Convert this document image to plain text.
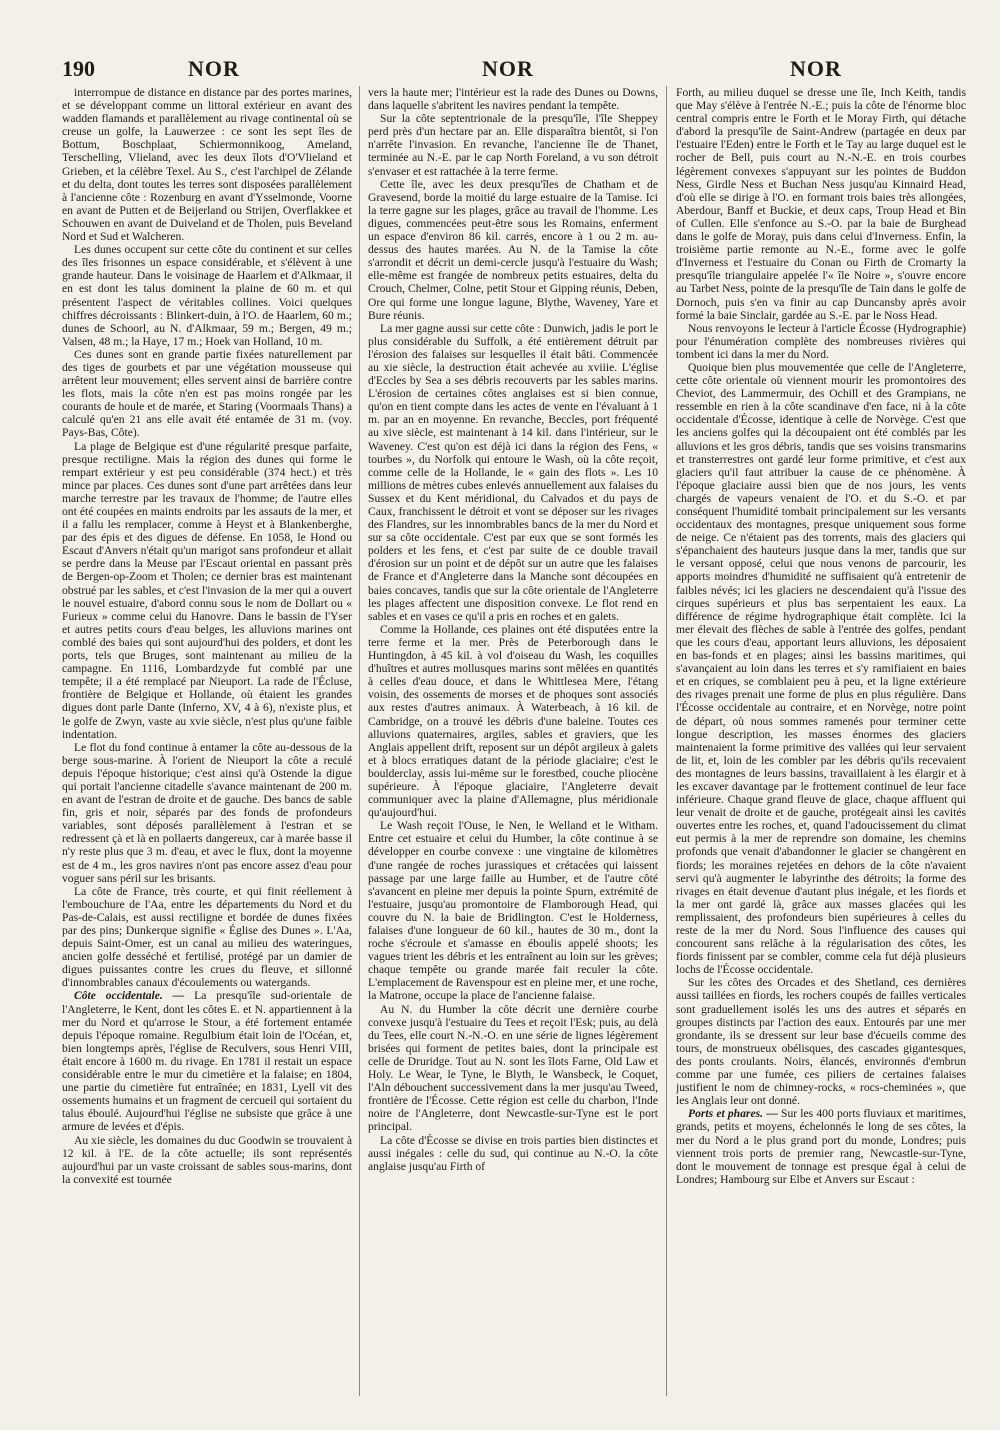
190	NOR	NOR	NOR

interrompue de distance en distance par des portes marines, et se développant comme un littoral extérieur en avant des wadden flamands et parallèlement au rivage continental où se creuse un golfe, la Lauwerzee : ce sont les sept îles de Bottum, Boschplaat, Schiermonnikoog, Ameland, Terschelling, Vlieland, avec les deux îlots d'O'Vlieland et Grieben, et la célèbre Texel. Au S., c'est l'archipel de Zélande et du delta, dont toutes les terres sont disposées parallèlement à l'ancienne côte : Rozenburg en avant d'Ysselmonde, Voorne en avant de Putten et de Beijerland ou Strijen, Overflakkee et Schouwen en avant de Duiveland et de Tholen, puis Beveland Nord et Sud et Walcheren.

Les dunes occupent sur cette côte du continent et sur celles des îles frisonnes un espace considérable, et s'élèvent à une grande hauteur. Dans le voisinage de Haarlem et d'Alkmaar, il en est dont les talus dominent la plaine de 60 m. et qui présentent l'aspect de véritables collines. Voici quelques chiffres décroissants : Blinkert-duin, à l'O. de Haarlem, 60 m.; dunes de Schoorl, au N. d'Alkmaar, 59 m.; Bergen, 49 m.; Valsen, 48 m.; la Haye, 17 m.; Hoek van Holland, 10 m.

Ces dunes sont en grande partie fixées naturellement par des tiges de gourbets et par une végétation mousseuse qui arrêtent leur mouvement; elles servent ainsi de barrière contre les flots, mais la côte n'en est pas moins rongée par les courants de houle et de marée, et Staring (Voormaals Thans) a calculé qu'en 21 ans elle avait été entamée de 31 m. (voy. Pays-Bas, Côte).

La plage de Belgique est d'une régularité presque parfaite, presque rectiligne. Mais la région des dunes qui forme le rempart extérieur y est peu considérable (374 hect.) et très mince par places. Ces dunes sont d'une part arrêtées dans leur marche terrestre par les travaux de l'homme; de l'autre elles ont été coupées en maints endroits par les assauts de la mer, et il a fallu les remplacer, comme à Heyst et à Blankenberghe, par des épis et des digues de défense. En 1058, le Hond ou Escaut d'Anvers n'était qu'un marigot sans profondeur et allait se perdre dans la Meuse par l'Escaut oriental en passant près de Bergen-op-Zoom et Tholen; ce dernier bras est maintenant obstrué par les sables, et c'est l'invasion de la mer qui a ouvert le nouvel estuaire, d'abord connu sous le nom de Dollart ou « Furieux » comme celui du Hanovre. Dans le bassin de l'Yser et autres petits cours d'eau belges, les alluvions marines ont comblé des baies qui sont aujourd'hui des polders, et dont les ports, tels que Bruges, sont maintenant au milieu de la campagne. En 1116, Lombardzyde fut comblé par une tempête; il a été remplacé par Nieuport. La rade de l'Écluse, frontière de Belgique et Hollande, où étaient les grandes digues dont parle Dante (Inferno, XV, 4 à 6), n'existe plus, et le golfe de Zwyn, vaste au xvie siècle, n'est plus qu'une faible indentation.

Le flot du fond continue à entamer la côte au-dessous de la berge sous-marine. À l'orient de Nieuport la côte a reculé depuis l'époque historique; c'est ainsi qu'à Ostende la digue qui portait l'ancienne citadelle s'avance maintenant de 200 m. en avant de l'estran de droite et de gauche. Des bancs de sable fin, gris et noir, séparés par des fonds de profondeurs variables, sont déposés parallèlement à l'estran et se redressent çà et là en pollaerts dangereux, car à marée basse il n'y reste plus que 3 m. d'eau, et avec le flux, dont la moyenne est de 4 m., les gros navires n'ont pas encore assez d'eau pour voguer sans péril sur les brisants.

La côte de France, très courte, et qui finit réellement à l'embouchure de l'Aa, entre les départements du Nord et du Pas-de-Calais, est aussi rectiligne et bordée de dunes fixées par des pins; Dunkerque signifie « Église des Dunes ». L'Aa, depuis Saint-Omer, est un canal au milieu des wateringues, ancien golfe desséché et fertilisé, protégé par un damier de digues puissantes contre les crues du fleuve, et sillonné d'innombrables canaux d'écoulements ou watergands.

Côte occidentale. — La presqu'île sud-orientale de l'Angleterre, le Kent, dont les côtes E. et N. appartiennent à la mer du Nord et qu'arrose le Stour, a été fortement entamée depuis l'époque romaine. Regulbium était loin de l'Océan, et, bien longtemps après, l'église de Reculvers, sous Henri VIII, était encore à 1600 m. du rivage. En 1781 il restait un espace considérable entre le mur du cimetière et la falaise; en 1804, une partie du cimetière fut entraînée; en 1831, Lyell vit des ossements humains et un fragment de cercueil qui sortaient du talus éboulé. Aujourd'hui l'église ne subsiste que grâce à une armure de levées et d'épis.

Au xie siècle, les domaines du duc Goodwin se trouvaient à 12 kil. à l'E. de la côte actuelle; ils sont représentés aujourd'hui par un vaste croissant de sables sous-marins, dont la convexité est tournée

vers la haute mer; l'intérieur est la rade des Dunes ou Downs, dans laquelle s'abritent les navires pendant la tempête.

Sur la côte septentrionale de la presqu'île, l'île Sheppey perd près d'un hectare par an. Elle disparaîtra bientôt, si l'on n'arrête l'invasion. En revanche, l'ancienne île de Thanet, terminée au N.-E. par le cap North Foreland, a vu son détroit s'envaser et est rattachée à la terre ferme.

Cette île, avec les deux presqu'îles de Chatham et de Gravesend, borde la moitié du large estuaire de la Tamise. Ici la terre gagne sur les plages, grâce au travail de l'homme. Les digues, commencées peut-être sous les Romains, enferment un espace d'environ 86 kil. carrés, encore à 1 ou 2 m. au-dessus des hautes marées. Au N. de la Tamise la côte s'arrondit et décrit un demi-cercle jusqu'à l'estuaire du Wash; elle-même est frangée de nombreux petits estuaires, delta du Crouch, Chelmer, Colne, petit Stour et Gipping réunis, Deben, Ore qui forme une longue lagune, Blythe, Waveney, Yare et Bure réunis.

La mer gagne aussi sur cette côte : Dunwich, jadis le port le plus considérable du Suffolk, a été entièrement détruit par l'érosion des falaises sur lesquelles il était bâti. Commencée au xie siècle, la destruction était achevée au xviiie. L'église d'Eccles by Sea a ses débris recouverts par les sables marins. L'érosion de certaines côtes anglaises est si bien connue, qu'on en tient compte dans les actes de vente en l'évaluant à 1 m. par an en moyenne. En revanche, Beccles, port fréquenté au xive siècle, est maintenant à 14 kil. dans l'intérieur, sur le Waveney. C'est qu'on est déjà ici dans la région des Fens, « tourbes », du Norfolk qui entoure le Wash, où la côte reçoit, comme celle de la Hollande, le « gain des flots ». Les 10 millions de mètres cubes enlevés annuellement aux falaises du Sussex et du Kent méridional, du Calvados et du pays de Caux, franchissent le détroit et vont se déposer sur les rivages des Flandres, sur les innombrables bancs de la mer du Nord et sur sa côte occidentale. C'est par eux que se sont formés les polders et les fens, et c'est par suite de ce double travail d'érosion sur un point et de dépôt sur un autre que les falaises de France et d'Angleterre dans la Manche sont découpées en baies concaves, tandis que sur la côte orientale de l'Angleterre les plages affectent une disposition convexe. Le flot rend en sables et en vases ce qu'il a pris en roches et en galets.

Comme la Hollande, ces plaines ont été disputées entre la terre ferme et la mer. Près de Peterborough dans le Huntingdon, à 45 kil. à vol d'oiseau du Wash, les coquilles d'huîtres et autres mollusques marins sont mêlées en quantités à celles d'eau douce, et dans le Whittlesea Mere, l'étang voisin, des ossements de morses et de phoques sont associés aux restes d'autres animaux. À Waterbeach, à 16 kil. de Cambridge, on a trouvé les débris d'une baleine. Toutes ces alluvions quaternaires, argiles, sables et graviers, que les Anglais appellent drift, reposent sur un dépôt argileux à galets et à blocs erratiques datant de la période glaciaire; c'est le boulderclay, assis lui-même sur le forestbed, couche pliocène supérieure. À l'époque glaciaire, l'Angleterre devait communiquer avec la plaine d'Allemagne, plus méridionale qu'aujourd'hui.

Le Wash reçoit l'Ouse, le Nen, le Welland et le Witham. Entre cet estuaire et celui du Humber, la côte continue à se développer en courbe convexe : une vingtaine de kilomètres d'une rangée de roches jurassiques et crétacées qui laissent passage par une large faille au Humber, et de l'autre côté s'avancent en pleine mer depuis la pointe Spurn, extrémité de l'estuaire, jusqu'au promontoire de Flamborough Head, qui couvre du N. la baie de Bridlington. C'est le Holderness, falaises d'une longueur de 60 kil., hautes de 30 m., dont la roche s'écroule et s'amasse en éboulis appelé shoots; les vagues trient les débris et les entraînent au loin sur les grèves; chaque tempête ou grande marée fait reculer la côte. L'emplacement de Ravenspour est en pleine mer, et une roche, la Matrone, occupe la place de l'ancienne falaise.

Au N. du Humber la côte décrit une dernière courbe convexe jusqu'à l'estuaire du Tees et reçoit l'Esk; puis, au delà du Tees, elle court N.-N.-O. en une série de lignes légèrement brisées qui forment de petites baies, dont la principale est celle de Druridge. Tout au N. sont les îlots Farne, Old Law et Holy. Le Wear, le Tyne, le Blyth, le Wansbeck, le Coquet, l'Aln débouchent successivement dans la mer jusqu'au Tweed, frontière de l'Écosse. Cette région est celle du charbon, l'Inde noire de l'Angleterre, dont Newcastle-sur-Tyne est le port principal.

La côte d'Écosse se divise en trois parties bien distinctes et aussi inégales : celle du sud, qui continue au N.-O. la côte anglaise jusqu'au Firth of

Forth, au milieu duquel se dresse une île, Inch Keith, tandis que May s'élève à l'entrée N.-E.; puis la côte de l'énorme bloc central compris entre le Forth et le Moray Firth, qui détache d'abord la presqu'île de Saint-Andrew (partagée en deux par l'estuaire l'Eden) entre le Forth et le Tay au large duquel est le rocher de Bell, puis court au N.-N.-E. en trois courbes légèrement convexes s'appuyant sur les pointes de Buddon Ness, Girdle Ness et Buchan Ness jusqu'au Kinnaird Head, d'où elle se dirige à l'O. en formant trois baies très allongées, Aberdour, Banff et Buckie, et deux caps, Troup Head et Bin of Cullen. Elle s'enfonce au S.-O. par la baie de Burghead dans le golfe de Moray, puis dans celui d'Inverness. Enfin, la troisième partie remonte au N.-E., forme avec le golfe d'Inverness et l'estuaire du Conan ou Firth de Cromarty la presqu'île triangulaire appelée l'« île Noire », s'ouvre encore au Tarbet Ness, pointe de la presqu'île de Tain dans le golfe de Dornoch, puis s'en va finir au cap Duncansby après avoir formé la baie Sinclair, gardée au S.-E. par le Noss Head.

Nous renvoyons le lecteur à l'article Écosse (Hydrographie) pour l'énumération complète des nombreuses rivières qui tombent ici dans la mer du Nord.

Quoique bien plus mouvementée que celle de l'Angleterre, cette côte orientale où viennent mourir les promontoires des Cheviot, des Lammermuir, des Ochill et des Grampians, ne ressemble en rien à la côte scandinave d'en face, ni à la côte occidentale d'Écosse, identique à celle de Norvège. C'est que les anciens golfes qui la découpaient ont été comblés par les alluvions et les gros débris, tandis que ses voisins transmarins et transterrestres ont gardé leur forme primitive, et c'est aux glaciers qu'il faut attribuer la cause de ce phénomène. À l'époque glaciaire aussi bien que de nos jours, les vents chargés de vapeurs venaient de l'O. et du S.-O. et par conséquent l'humidité tombait principalement sur les versants occidentaux des montagnes, presque uniquement sous forme de neige. Ce n'étaient pas des torrents, mais des glaciers qui s'épanchaient des hauteurs jusque dans la mer, tandis que sur le versant opposé, celui que nous venons de parcourir, les apports moindres d'humidité ne suffisaient qu'à entretenir de faibles névés; ici les glaciers ne descendaient qu'à l'issue des cirques supérieurs et plus bas serpentaient les eaux. La différence de régime hydrographique était complète. Ici la mer élevait des flèches de sable à l'entrée des golfes, pendant que les cours d'eau, apportant leurs alluvions, les déposaient en bas-fonds et en plages; ainsi les bassins maritimes, qui s'avançaient au loin dans les terres et s'y ramifiaient en baies et en criques, se comblaient peu à peu, et la ligne extérieure des rivages prenait une forme de plus en plus régulière. Dans l'Écosse occidentale au contraire, et en Norvège, notre point de départ, où nous sommes ramenés pour terminer cette longue description, les masses énormes des glaciers maintenaient la forme primitive des vallées qui leur servaient de lit, et, loin de les combler par les débris qu'ils recevaient des montagnes de leurs bassins, travaillaient à les élargir et à les excaver davantage par le frottement continuel de leur face inférieure. Chaque grand fleuve de glace, chaque affluent qui leur venait de droite et de gauche, protégeait ainsi les cavités ouvertes entre les roches, et, quand l'adoucissement du climat eut permis à la mer de reprendre son domaine, les chemins profonds que venait d'abandonner le glacier se changèrent en fiords; les moraines rejetées en dehors de la côte n'avaient servi qu'à augmenter le labyrinthe des détroits; la forme des rivages en était devenue d'autant plus inégale, et les fiords et la mer ont gardé là, grâce aux masses glacées qui les remplissaient, des profondeurs bien supérieures à celles du reste de la mer du Nord. Sous l'influence des causes qui concourent sans relâche à la régularisation des côtes, les fiords finissent par se combler, comme cela fut déjà plusieurs lochs de l'Écosse occidentale.

Sur les côtes des Orcades et des Shetland, ces dernières aussi taillées en fiords, les rochers coupés de failles verticales sont graduellement isolés les uns des autres et séparés en groupes distincts par l'action des eaux. Entourés par une mer grondante, ils se dressent sur leur base d'écueils comme des tours, de monstrueux obélisques, des cascades gigantesques, des ponts croulants. Noirs, élancés, environnés d'embrun comme par une fumée, ces piliers de certaines falaises justifient le nom de chimney-rocks, « rocs-cheminées », que les Anglais leur ont donné.

Ports et phares. — Sur les 400 ports fluviaux et maritimes, grands, petits et moyens, échelonnés le long de ses côtes, la mer du Nord a le plus grand port du monde, Londres; puis viennent trois ports de premier rang, Newcastle-sur-Tyne, dont le mouvement de tonnage est presque égal à celui de Londres; Hambourg sur Elbe et Anvers sur Escaut :
